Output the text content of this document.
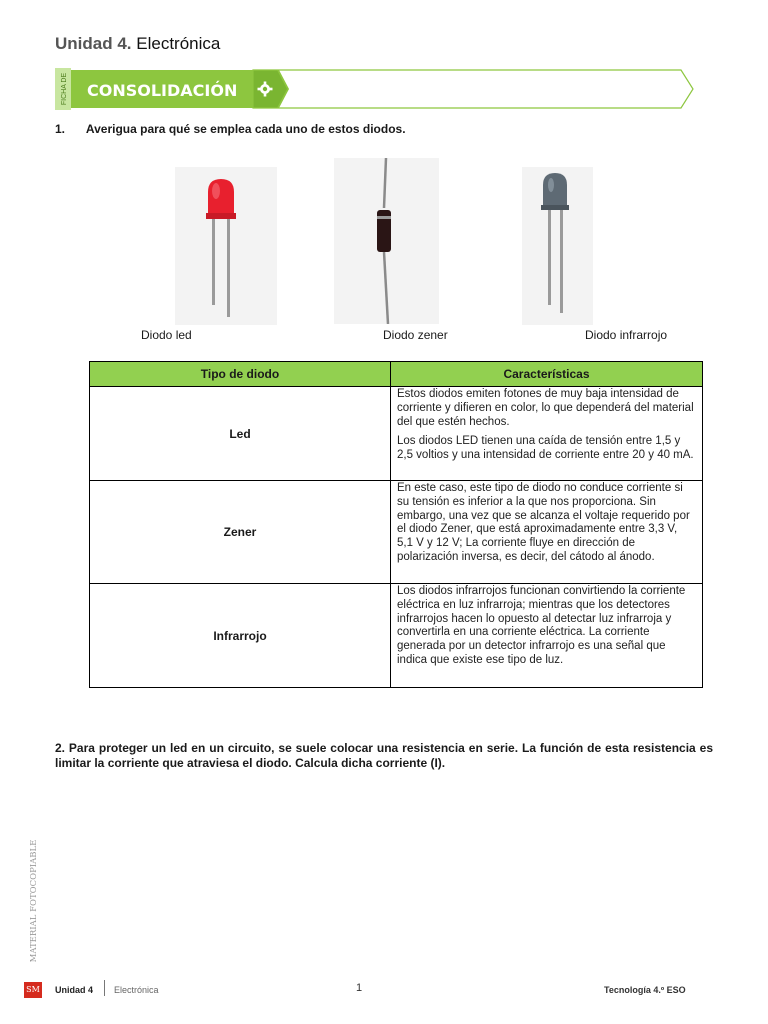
Unidad 4. Electrónica
FICHA DE CONSOLIDACIÓN
1. Averigua para qué se emplea cada uno de estos diodos.
Diodo led	Diodo zener	Diodo infrarrojo
Tipo de diodo	Características
Led	Estos diodos emiten fotones de muy baja intensidad de corriente y difieren en color, lo que dependerá del material del que estén hechos.

Los diodos LED tienen una caída de tensión entre 1,5 y 2,5 voltios y una intensidad de corriente entre 20 y 40 mA.

Zener	En este caso, este tipo de diodo no conduce corriente si su tensión es inferior a la que nos proporciona. Sin embargo, una vez que se alcanza el voltaje requerido por el diodo Zener, que está aproximadamente entre 3,3 V, 5,1 V y 12 V; La corriente fluye en dirección de polarización inversa, es decir, del cátodo al ánodo.

Infrarrojo	Los diodos infrarrojos funcionan convirtiendo la corriente eléctrica en luz infrarroja; mientras que los detectores infrarrojos hacen lo opuesto al detectar luz infrarroja y convertirla en una corriente eléctrica. La corriente generada por un detector infrarrojo es una señal que indica que existe ese tipo de luz.

2. Para proteger un led en un circuito, se suele colocar una resistencia en serie. La función de esta resistencia es limitar la corriente que atraviesa el diodo. Calcula dicha corriente (I).
MATERIAL FOTOCOPIABLE
SM Unidad 4 Electrónica	1	Tecnología 4.º ESO
